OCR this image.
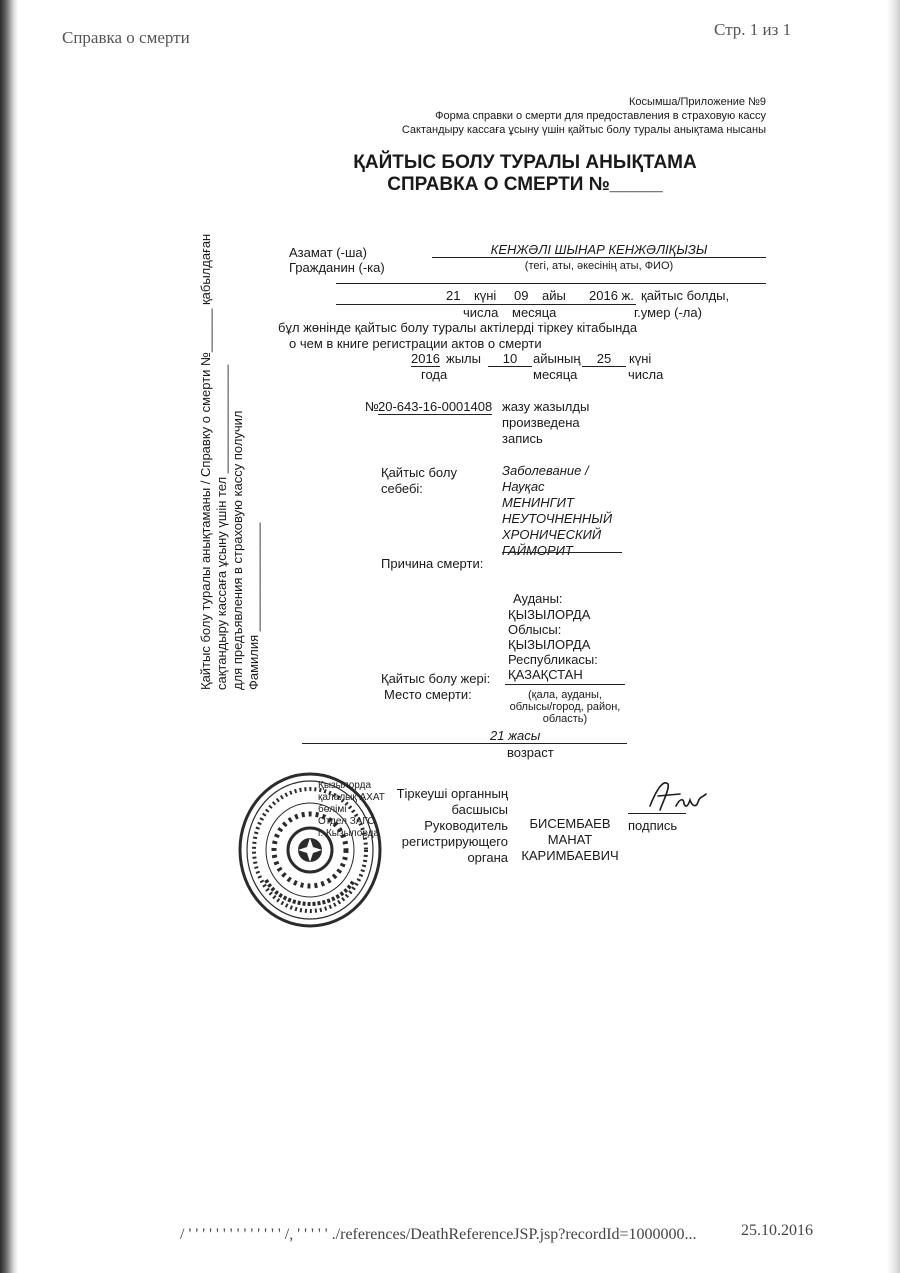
Справка о смерти	Стр. 1 из 1
Косымша/Приложение №9
Форма справки о смерти для предоставления в страховую кассу
Сактандыру кассаға ұсыну үшін қайтыс болу туралы анықтама нысаны
ҚАЙТЫС БОЛУ ТУРАЛЫ АНЫҚТАМА
СПРАВКА О СМЕРТИ №_____
Азамат (-ша)
Гражданин (-ка)
КЕНЖӘЛІ ШЫНАР КЕНЖӘЛІҚЫЗЫ
(тегі, аты, әкесінің аты, ФИО)
21 күні 09 айы 2016 ж. қайтыс болды,
числа месяца	г.умер (-ла)
бұл жөнінде қайтыс болу туралы актілерді тіркеу кітабында
о чем в книге регистрации актов о смерти
2016 жылы	10	айының	25	күні
года	месяца	числа
№ 20-643-16-0001408 жазу жазылды
произведена
запись
Қайтыс болу
себебі:
Заболевание /
Науқас
МЕНИНГИТ
НЕУТОЧНЕННЫЙ
ХРОНИЧЕСКИЙ
ГАЙМОРИТ
Причина смерти:
Ауданы:
ҚЫЗЫЛОРДА
Облысы:
ҚЫЗЫЛОРДА
Республикасы:
ҚАЗАҚСТАН
Қайтыс болу жері:
Место смерти:	(қала, ауданы,
облысы/город, район,
область)
21 жасы
возраст
Тіркеуші органның
басшысы
Руководитель
регистрирующего
органа
БИСЕМБАЕВ
МАНАТ
КАРИМБАЕВИЧ
подпись
Қызылорда
қалалық АХАТ
бөлімі
Отдел ЗАГС
г. Кызылорда
Қайтыс болу туралы анықтаманы / Справку о смерти №______ қабылдаған сақтандыру кассаға ұсыну үшін тел _______________ для предъявления в страховую кассу получил Фамилия _______________
/ ' ' ' ' ' ' ' ' ' ' ' ' ' ' /, ' ' ' ' ' ./references/DeathReferenceJSP.jsp?recordId=1000000...	25.10.2016
